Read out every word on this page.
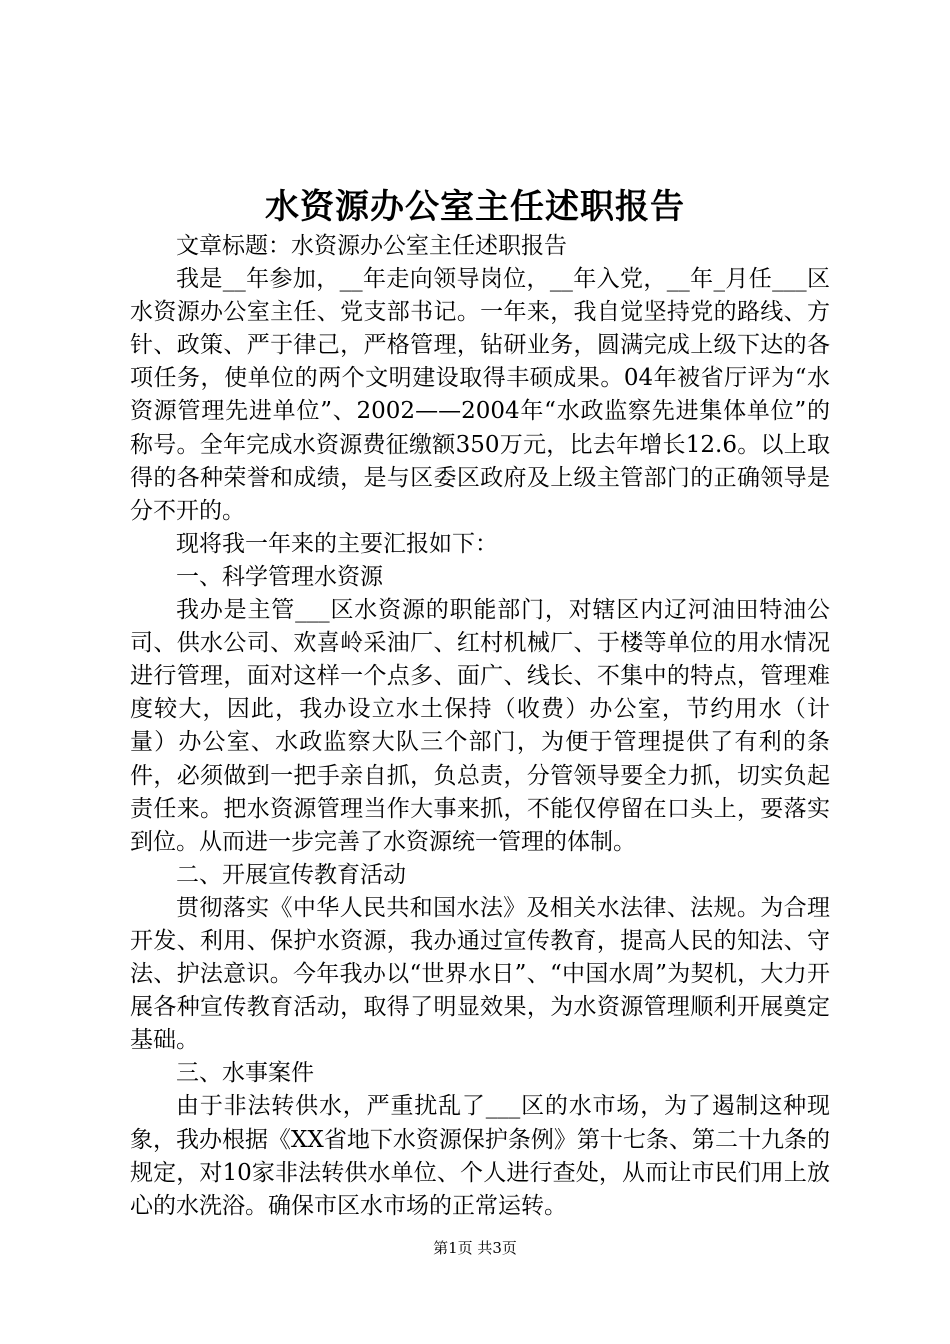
水资源办公室主任述职报告

文章标题：水资源办公室主任述职报告

我是__年参加，__年走向领导岗位，__年入党，__年_月任___区水资源办公室主任、党支部书记。一年来，我自觉坚持党的路线、方针、政策、严于律己，严格管理，钻研业务，圆满完成上级下达的各项任务，使单位的两个文明建设取得丰硕成果。04年被省厅评为“水资源管理先进单位”、2002——2004年“水政监察先进集体单位”的称号。全年完成水资源费征缴额350万元，比去年增长12.6。以上取得的各种荣誉和成绩，是与区委区政府及上级主管部门的正确领导是分不开的。

现将我一年来的主要汇报如下：

一、科学管理水资源

我办是主管___区水资源的职能部门，对辖区内辽河油田特油公司、供水公司、欢喜岭采油厂、红村机械厂、于楼等单位的用水情况进行管理，面对这样一个点多、面广、线长、不集中的特点，管理难度较大，因此，我办设立水土保持（收费）办公室，节约用水（计量）办公室、水政监察大队三个部门，为便于管理提供了有利的条件，必须做到一把手亲自抓，负总责，分管领导要全力抓，切实负起责任来。把水资源管理当作大事来抓，不能仅停留在口头上，要落实到位。从而进一步完善了水资源统一管理的体制。

二、开展宣传教育活动

贯彻落实《中华人民共和国水法》及相关水法律、法规。为合理开发、利用、保护水资源，我办通过宣传教育，提高人民的知法、守法、护法意识。今年我办以“世界水日”、“中国水周”为契机，大力开展各种宣传教育活动，取得了明显效果，为水资源管理顺利开展奠定基础。

三、水事案件

由于非法转供水，严重扰乱了___区的水市场，为了遏制这种现象，我办根据《XX省地下水资源保护条例》第十七条、第二十九条的规定，对10家非法转供水单位、个人进行查处，从而让市民们用上放心的水洗浴。确保市区水市场的正常运转。

第1页 共3页
